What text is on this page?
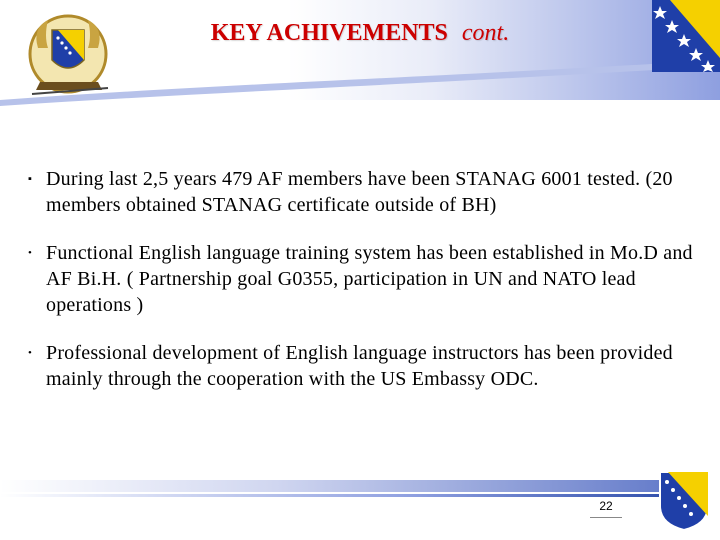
KEY ACHIVEMENTS cont.
▪ During last 2,5 years 479 AF members have been STANAG 6001 tested. (20 members obtained STANAG certificate outside of BH)
• Functional English language training system has been established in Mo.D and AF Bi.H. ( Partnership goal G0355, participation in UN and NATO lead operations )
• Professional development of English language instructors has been provided mainly through the cooperation with the US Embassy ODC.
22
